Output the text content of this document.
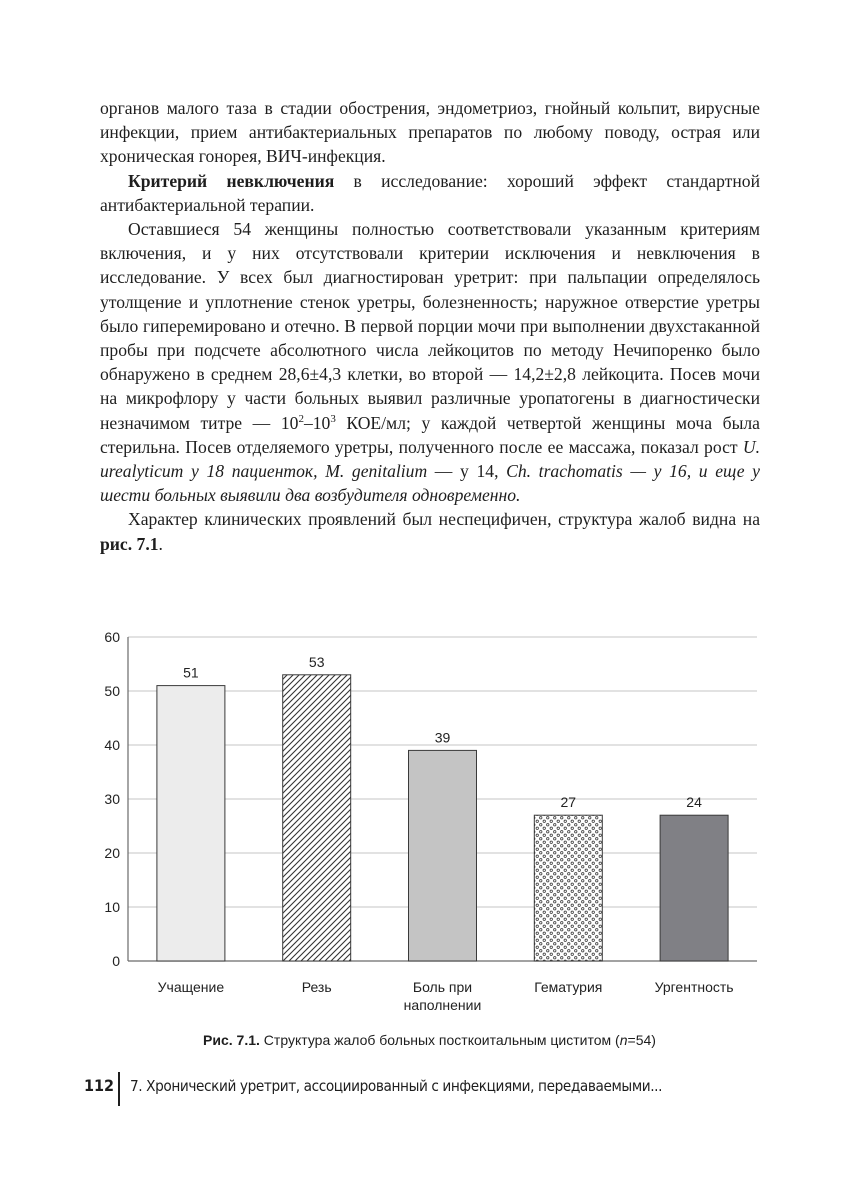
органов малого таза в стадии обострения, эндометриоз, гнойный кольпит, вирусные инфекции, прием антибактериальных препаратов по любому поводу, острая или хроническая гонорея, ВИЧ-инфекция.

Критерий невключения в исследование: хороший эффект стандартной антибактериальной терапии.

Оставшиеся 54 женщины полностью соответствовали указанным критериям включения, и у них отсутствовали критерии исключения и невключения в исследование. У всех был диагностирован уретрит: при пальпации определялось утолщение и уплотнение стенок уретры, болезненность; наружное отверстие уретры было гиперемировано и отечно. В первой порции мочи при выполнении двухстаканной пробы при подсчете абсолютного числа лейкоцитов по методу Нечипоренко было обнаружено в среднем 28,6±4,3 клетки, во второй — 14,2±2,8 лейкоцита. Посев мочи на микрофлору у части больных выявил различные уропатогены в диагностически незначимом титре — $10^2-10^3$ КОЕ/мл; у каждой четвертой женщины моча была стерильна. Посев отделяемого уретры, полученного после ее массажа, показал рост U. urealyticum у 18 пациенток, M. genitalium — у 14, Ch. trachomatis — у 16, и еще у шести больных выявили два возбудителя одновременно.

Характер клинических проявлений был неспецифичен, структура жалоб видна на рис. 7.1.

0
10
20
30
40
50
60
51
53
39
27	24
Учащение	Резь	Боль при
наполнении
Гематурия	Ургентность
Рис. 7.1. Структура жалоб больных посткоитальным циститом (n=54)
112 7. Хронический уретрит, ассоциированный с инфекциями, передаваемыми...
